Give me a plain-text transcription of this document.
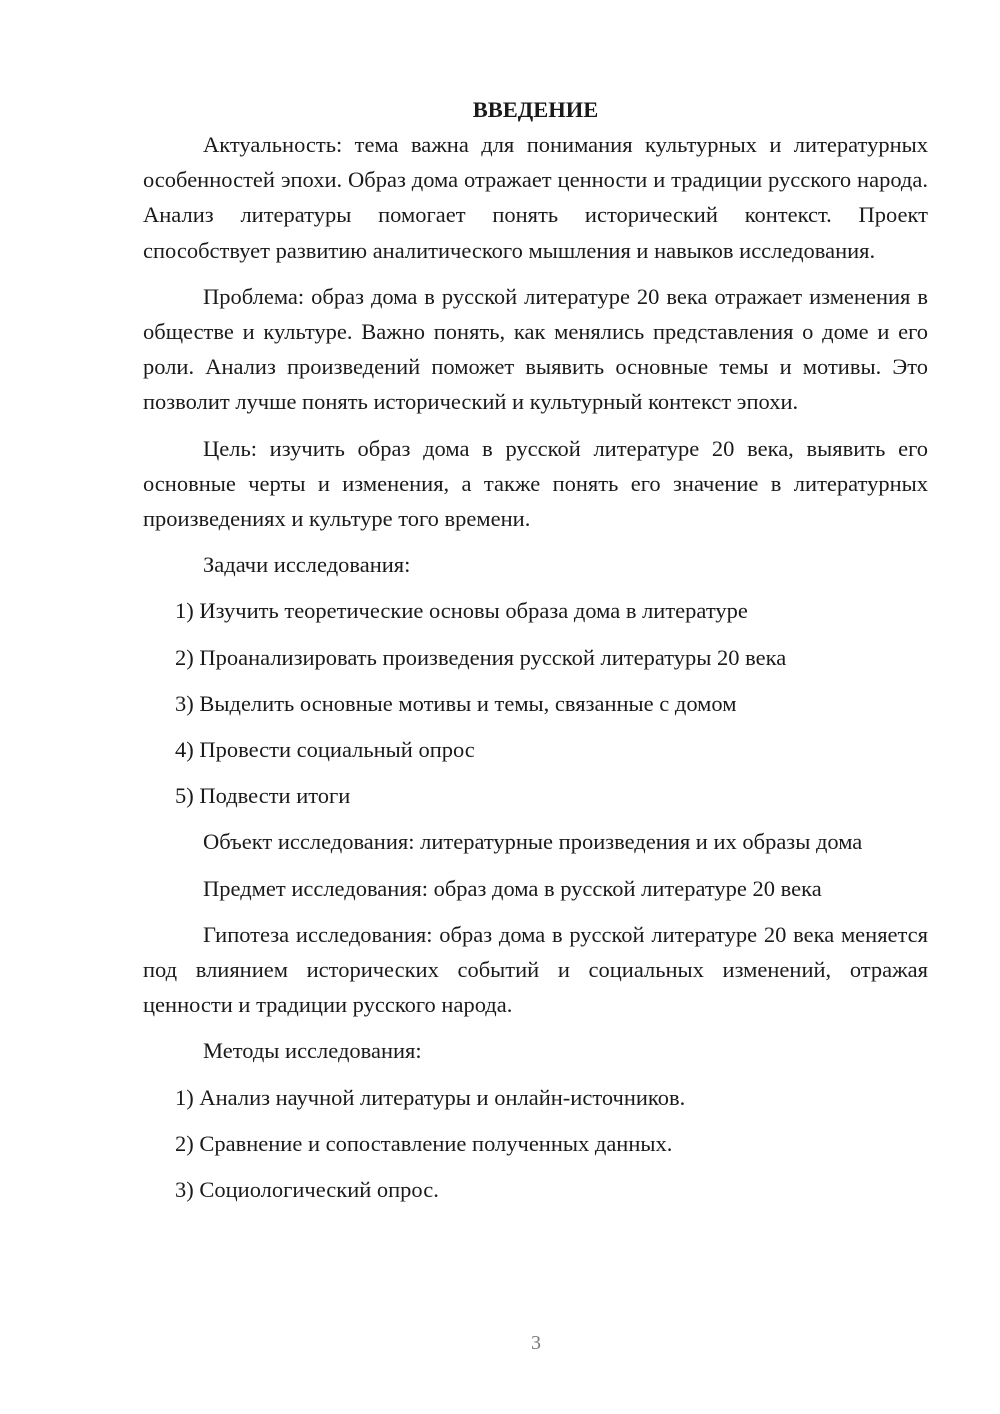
ВВЕДЕНИЕ

Актуальность: тема важна для понимания культурных и литературных особенностей эпохи. Образ дома отражает ценности и традиции русского народа. Анализ литературы помогает понять исторический контекст. Проект способствует развитию аналитического мышления и навыков исследования.

Проблема: образ дома в русской литературе 20 века отражает изменения в обществе и культуре. Важно понять, как менялись представления о доме и его роли. Анализ произведений поможет выявить основные темы и мотивы. Это позволит лучше понять исторический и культурный контекст эпохи.

Цель: изучить образ дома в русской литературе 20 века, выявить его основные черты и изменения, а также понять его значение в литературных произведениях и культуре того времени.

Задачи исследования:

1) Изучить теоретические основы образа дома в литературе

2) Проанализировать произведения русской литературы 20 века

3) Выделить основные мотивы и темы, связанные с домом

4) Провести социальный опрос

5) Подвести итоги

Объект исследования: литературные произведения и их образы дома

Предмет исследования: образ дома в русской литературе 20 века

Гипотеза исследования: образ дома в русской литературе 20 века меняется под влиянием исторических событий и социальных изменений, отражая ценности и традиции русского народа.

Методы исследования:

1) Анализ научной литературы и онлайн-источников.

2) Сравнение и сопоставление полученных данных.

3) Социологический опрос.

3
